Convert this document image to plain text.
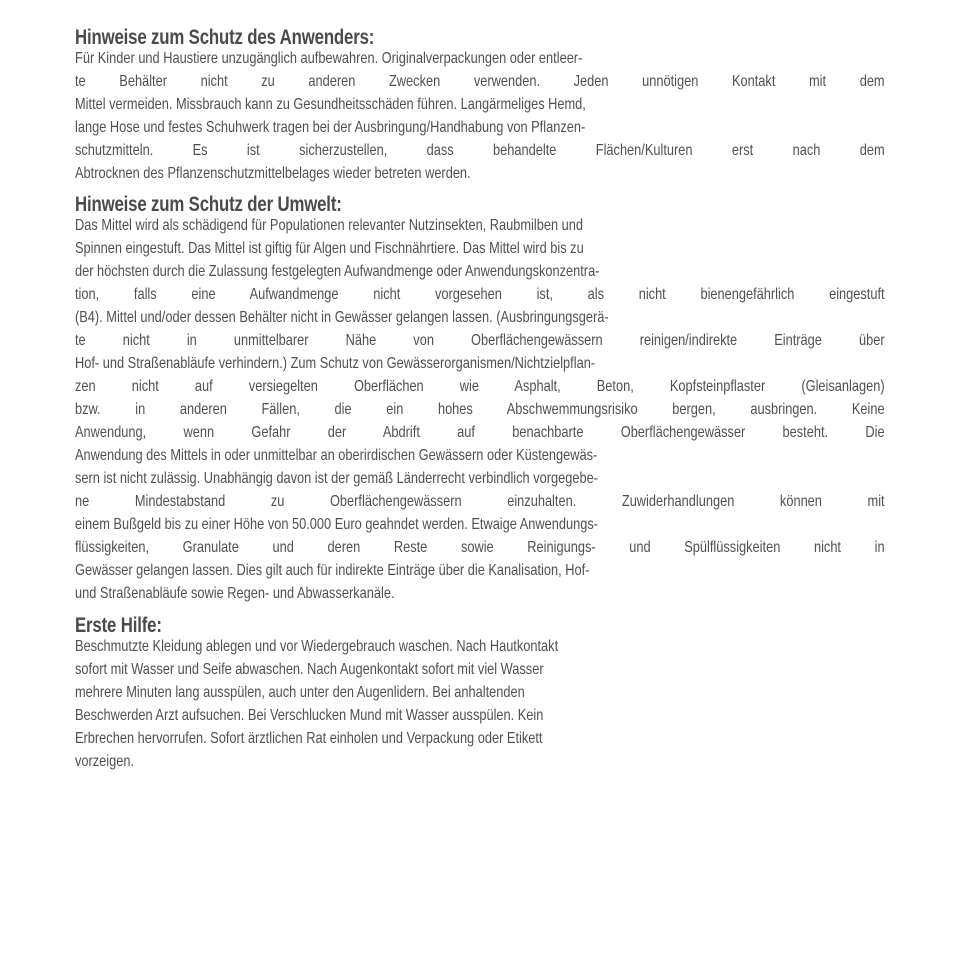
Hinweise zum Schutz des Anwenders:
Für Kinder und Haustiere unzugänglich aufbewahren. Originalverpackungen oder entleer-
te Behälter nicht zu anderen Zwecken verwenden. Jeden unnötigen Kontakt mit dem
Mittel vermeiden. Missbrauch kann zu Gesundheitsschäden führen. Langärmeliges Hemd,
lange Hose und festes Schuhwerk tragen bei der Ausbringung/Handhabung von Pflanzen-
schutzmitteln. Es ist sicherzustellen, dass behandelte Flächen/Kulturen erst nach dem
Abtrocknen des Pflanzenschutzmittelbelages wieder betreten werden.
Hinweise zum Schutz der Umwelt:
Das Mittel wird als schädigend für Populationen relevanter Nutzinsekten, Raubmilben und
Spinnen eingestuft. Das Mittel ist giftig für Algen und Fischnährtiere. Das Mittel wird bis zu
der höchsten durch die Zulassung festgelegten Aufwandmenge oder Anwendungskonzentra-
tion, falls eine Aufwandmenge nicht vorgesehen ist, als nicht bienengefährlich eingestuft
(B4). Mittel und/oder dessen Behälter nicht in Gewässer gelangen lassen. (Ausbringungsgerä-
te nicht in unmittelbarer Nähe von Oberflächengewässern reinigen/indirekte Einträge über
Hof- und Straßenabläufe verhindern.) Zum Schutz von Gewässerorganismen/Nichtzielpflan-
zen nicht auf versiegelten Oberflächen wie Asphalt, Beton, Kopfsteinpflaster (Gleisanlagen)
bzw. in anderen Fällen, die ein hohes Abschwemmungsrisiko bergen, ausbringen. Keine
Anwendung, wenn Gefahr der Abdrift auf benachbarte Oberflächengewässer besteht. Die
Anwendung des Mittels in oder unmittelbar an oberirdischen Gewässern oder Küstengewäs-
sern ist nicht zulässig. Unabhängig davon ist der gemäß Länderrecht verbindlich vorgegebe-
ne Mindestabstand zu Oberflächengewässern einzuhalten. Zuwiderhandlungen können mit
einem Bußgeld bis zu einer Höhe von 50.000 Euro geahndet werden. Etwaige Anwendungs-
flüssigkeiten, Granulate und deren Reste sowie Reinigungs- und Spülflüssigkeiten nicht in
Gewässer gelangen lassen. Dies gilt auch für indirekte Einträge über die Kanalisation, Hof-
und Straßenabläufe sowie Regen- und Abwasserkanäle.
Erste Hilfe:
Beschmutzte Kleidung ablegen und vor Wiedergebrauch waschen. Nach Hautkontakt
sofort mit Wasser und Seife abwaschen. Nach Augenkontakt sofort mit viel Wasser
mehrere Minuten lang ausspülen, auch unter den Augenlidern. Bei anhaltenden
Beschwerden Arzt aufsuchen. Bei Verschlucken Mund mit Wasser ausspülen. Kein
Erbrechen hervorrufen. Sofort ärztlichen Rat einholen und Verpackung oder Etikett
vorzeigen.
